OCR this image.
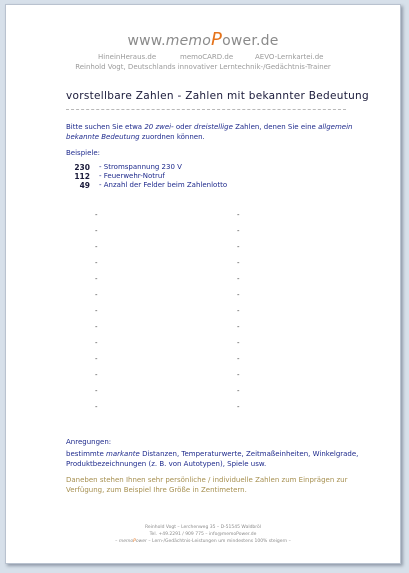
www.memoPower.de
HineinHeraus.de	memoCARD.de	AEVO-Lernkartei.de
Reinhold Vogt, Deutschlands innovativer Lerntechnik-/Gedächtnis-Trainer
vorstellbare Zahlen - Zahlen mit bekannter Bedeutung
Bitte suchen Sie etwa 20 zwei- oder dreistellige Zahlen, denen Sie eine allgemein bekannte Bedeutung zuordnen können.
Beispiele:
230 - Stromspannung 230 V
112 - Feuerwehr-Notruf
49 - Anzahl der Felder beim Zahlenlotto
-	-
-	-
-	-
-	-
-	-
-	-
-	-
-	-
-	-
-	-
-	-
-	-
-	-
Anregungen:
bestimmte markante Distanzen, Temperaturwerte, Zeitmaßeinheiten, Winkelgrade, Produktbezeichnungen (z. B. von Autotypen), Spiele usw.
Daneben stehen Ihnen sehr persönliche / individuelle Zahlen zum Einprägen zur Verfügung, zum Beispiel Ihre Größe in Zentimetern.
Reinhold Vogt – Lerchenweg 35 – D-51545 Waldbröl
Tel. +49.2291 / 909 775 – info@memoPower.de
– memoPower – Lern-/Gedächtnis-Leistungen um mindestens 100% steigern –
